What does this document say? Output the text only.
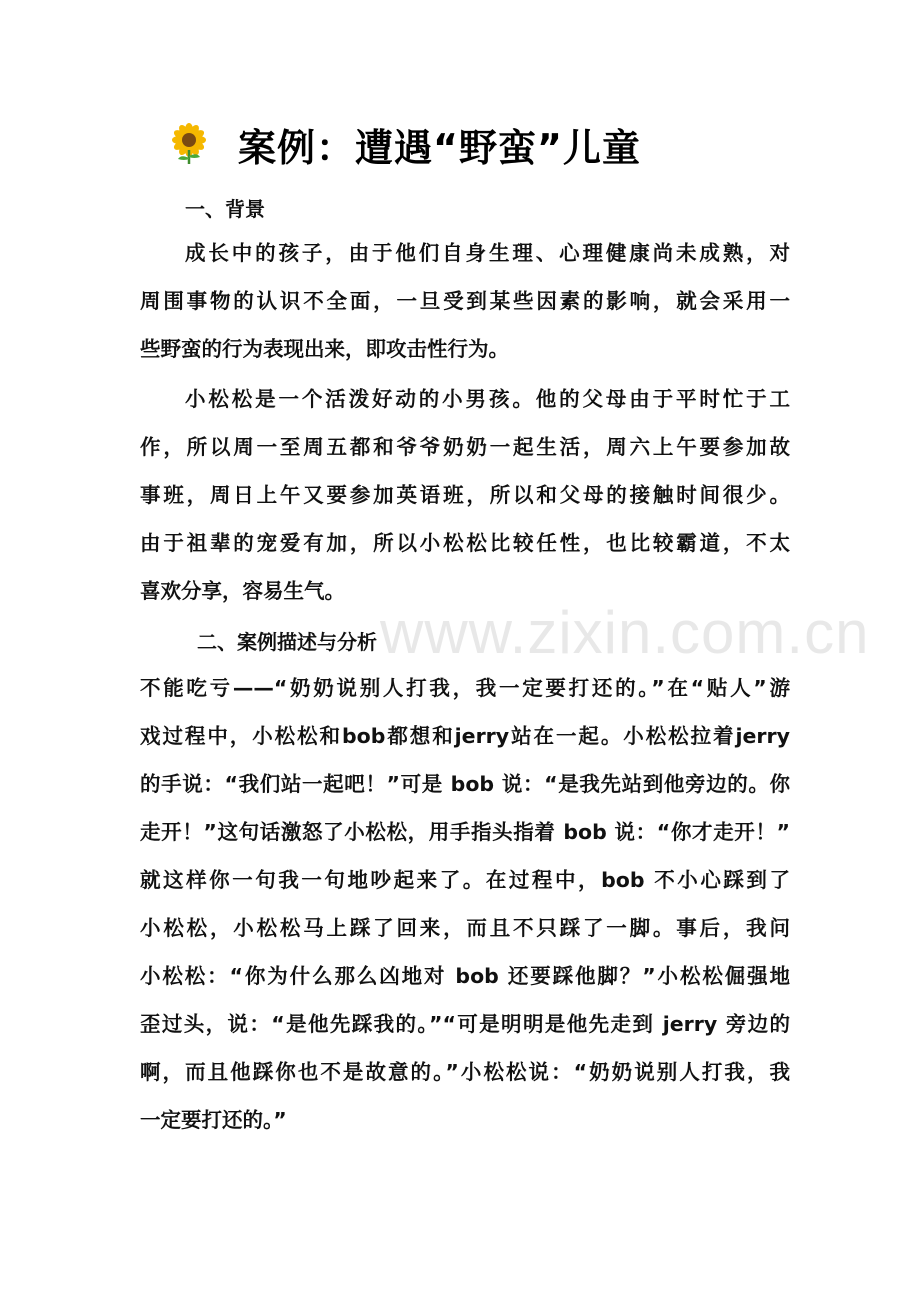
案例：遭遇“野蛮”儿童
一、背景
成长中的孩子，由于他们自身生理、心理健康尚未成熟，对
周围事物的认识不全面，一旦受到某些因素的影响，就会采用一
些野蛮的行为表现出来，即攻击性行为。
小松松是一个活泼好动的小男孩。他的父母由于平时忙于工
作，所以周一至周五都和爷爷奶奶一起生活，周六上午要参加故
事班，周日上午又要参加英语班，所以和父母的接触时间很少。
由于祖辈的宠爱有加，所以小松松比较任性，也比较霸道，不太
喜欢分享，容易生气。
www.zixin.com.cn
二、案例描述与分析
不能吃亏——“奶奶说别人打我，我一定要打还的。”在“贴人”游
戏过程中，小松松和bob都想和jerry站在一起。小松松拉着jerry
的手说：“我们站一起吧！”可是 bob 说：“是我先站到他旁边的。你
走开！”这句话激怒了小松松，用手指头指着 bob 说：“你才走开！”
就这样你一句我一句地吵起来了。在过程中，bob 不小心踩到了
小松松，小松松马上踩了回来，而且不只踩了一脚。事后，我问
小松松：“你为什么那么凶地对 bob 还要踩他脚？”小松松倔强地
歪过头，说：“是他先踩我的。”“可是明明是他先走到 jerry 旁边的
啊，而且他踩你也不是故意的。”小松松说：“奶奶说别人打我，我
一定要打还的。”
